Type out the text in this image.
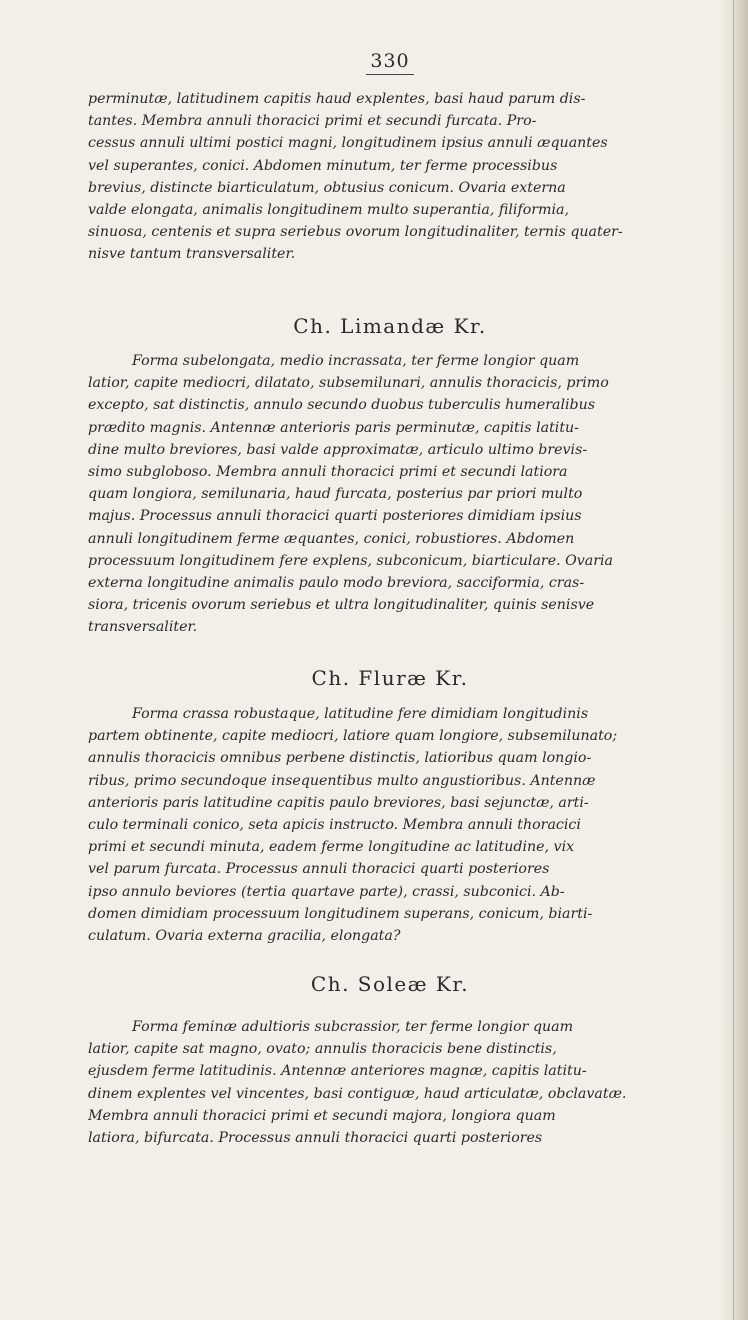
330
perminutæ, latitudinem capitis haud explentes, basi haud parum dis-
tantes. Membra annuli thoracici primi et secundi furcata. Pro-
cessus annuli ultimi postici magni, longitudinem ipsius annuli æquantes
vel superantes, conici. Abdomen minutum, ter ferme processibus
brevius, distincte biarticulatum, obtusius conicum. Ovaria externa
valde elongata, animalis longitudinem multo superantia, filiformia,
sinuosa, centenis et supra seriebus ovorum longitudinaliter, ternis quater-
nisve tantum transversaliter.
Ch. Limandæ Kr.
Forma subelongata, medio incrassata, ter ferme longior quam
latior, capite mediocri, dilatato, subsemilunari, annulis thoracicis, primo
excepto, sat distinctis, annulo secundo duobus tuberculis humeralibus
prædito magnis. Antennæ anterioris paris perminutæ, capitis latitu-
dine multo breviores, basi valde approximatæ, articulo ultimo brevis-
simo subgloboso. Membra annuli thoracici primi et secundi latiora
quam longiora, semilunaria, haud furcata, posterius par priori multo
majus. Processus annuli thoracici quarti posteriores dimidiam ipsius
annuli longitudinem ferme æquantes, conici, robustiores. Abdomen
processuum longitudinem fere explens, subconicum, biarticulare. Ovaria
externa longitudine animalis paulo modo breviora, sacciformia, cras-
siora, tricenis ovorum seriebus et ultra longitudinaliter, quinis senisve
transversaliter.
Ch. Fluræ Kr.
Forma crassa robustaque, latitudine fere dimidiam longitudinis
partem obtinente, capite mediocri, latiore quam longiore, subsemilunato;
annulis thoracicis omnibus perbene distinctis, latioribus quam longio-
ribus, primo secundoque insequentibus multo angustioribus. Antennæ
anterioris paris latitudine capitis paulo breviores, basi sejunctæ, arti-
culo terminali conico, seta apicis instructo. Membra annuli thoracici
primi et secundi minuta, eadem ferme longitudine ac latitudine, vix
vel parum furcata. Processus annuli thoracici quarti posteriores
ipso annulo beviores (tertia quartave parte), crassi, subconici. Ab-
domen dimidiam processuum longitudinem superans, conicum, biarti-
culatum. Ovaria externa gracilia, elongata?
Ch. Soleæ Kr.
Forma feminæ adultioris subcrassior, ter ferme longior quam
latior, capite sat magno, ovato; annulis thoracicis bene distinctis,
ejusdem ferme latitudinis. Antennæ anteriores magnæ, capitis latitu-
dinem explentes vel vincentes, basi contiguæ, haud articulatæ, obclavatæ.
Membra annuli thoracici primi et secundi majora, longiora quam
latiora, bifurcata. Processus annuli thoracici quarti posteriores
